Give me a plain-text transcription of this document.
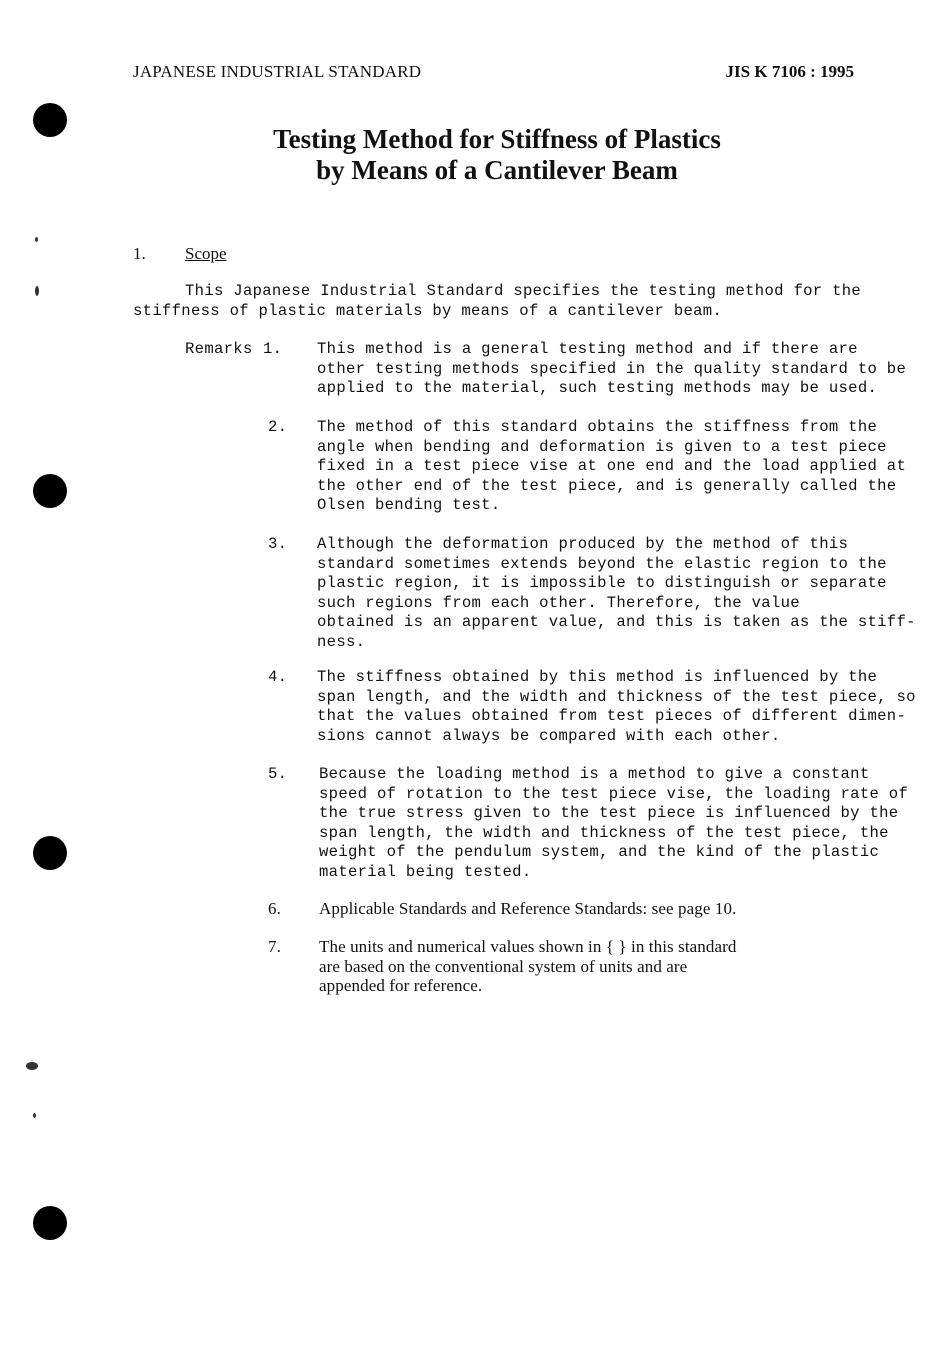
JAPANESE INDUSTRIAL STANDARD	JIS K 7106 : 1995
Testing Method for Stiffness of Plastics
by Means of a Cantilever Beam
1. Scope

This Japanese Industrial Standard specifies the testing method for the

stiffness of plastic materials by means of a cantilever beam.

Remarks 1. This method is a general testing method and if there are
other testing methods specified in the quality standard to be
applied to the material, such testing methods may be used.
2. The method of this standard obtains the stiffness from the
angle when bending and deformation is given to a test piece
fixed in a test piece vise at one end and the load applied at
the other end of the test piece, and is generally called the
Olsen bending test.
3. Although the deformation produced by the method of this
standard sometimes extends beyond the elastic region to the
plastic region, it is impossible to distinguish or separate
such regions from each other. Therefore, the value
obtained is an apparent value, and this is taken as the stiff-
ness.
4. The stiffness obtained by this method is influenced by the
span length, and the width and thickness of the test piece, so
that the values obtained from test pieces of different dimen-
sions cannot always be compared with each other.
5. Because the loading method is a method to give a constant
speed of rotation to the test piece vise, the loading rate of
the true stress given to the test piece is influenced by the
span length, the width and thickness of the test piece, the
weight of the pendulum system, and the kind of the plastic
material being tested.
6. Applicable Standards and Reference Standards: see page 10.
7. The units and numerical values shown in { } in this standard
are based on the conventional system of units and are
appended for reference.
